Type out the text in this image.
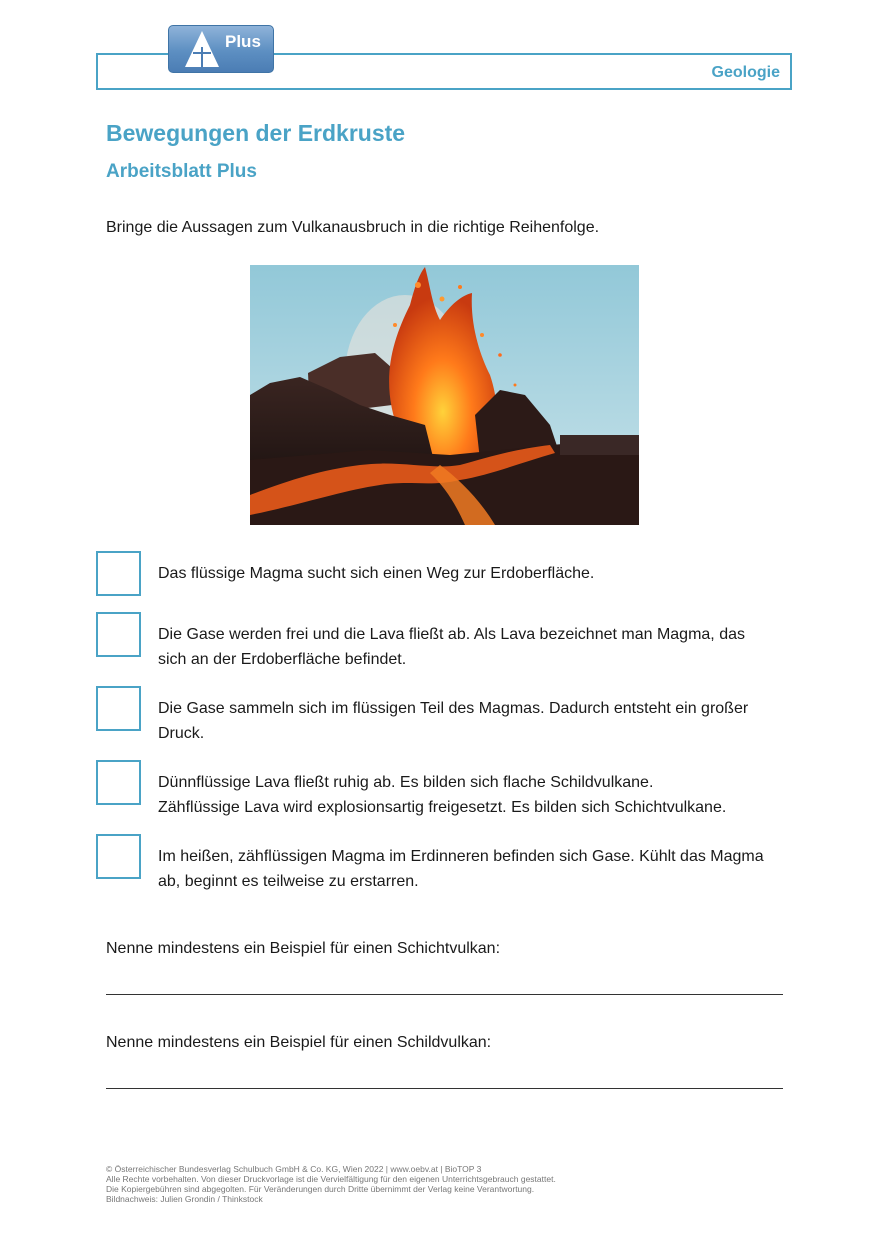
Geologie
Plus
Bewegungen der Erdkruste
Arbeitsblatt Plus

Bringe die Aussagen zum Vulkanausbruch in die richtige Reihenfolge.

Das flüssige Magma sucht sich einen Weg zur Erdoberfläche.

Die Gase werden frei und die Lava fließt ab. Als Lava bezeichnet man Magma, das
sich an der Erdoberfläche befindet.

Die Gase sammeln sich im flüssigen Teil des Magmas. Dadurch entsteht ein großer
Druck.

Dünnflüssige Lava fließt ruhig ab. Es bilden sich flache Schildvulkane.
Zähflüssige Lava wird explosionsartig freigesetzt. Es bilden sich Schichtvulkane.

Im heißen, zähflüssigen Magma im Erdinneren befinden sich Gase. Kühlt das Magma
ab, beginnt es teilweise zu erstarren.

Nenne mindestens ein Beispiel für einen Schichtvulkan:

Nenne mindestens ein Beispiel für einen Schildvulkan:

© Österreichischer Bundesverlag Schulbuch GmbH & Co. KG, Wien 2022 | www.oebv.at | BioTOP 3
Alle Rechte vorbehalten. Von dieser Druckvorlage ist die Vervielfältigung für den eigenen Unterrichtsgebrauch gestattet.
Die Kopiergebühren sind abgegolten. Für Veränderungen durch Dritte übernimmt der Verlag keine Verantwortung.
Bildnachweis: Julien Grondin / Thinkstock
